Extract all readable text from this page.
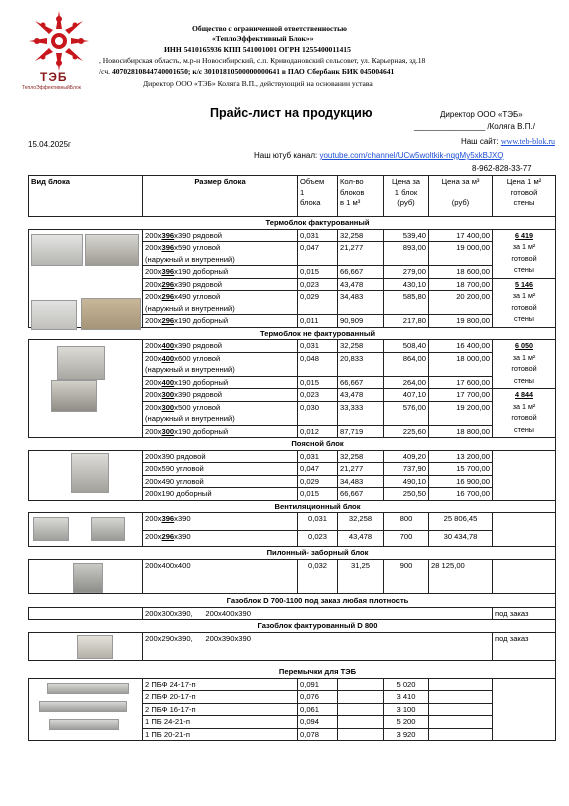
ТЭБ
ТеплоЭффективныйБлок
Общество с ограниченной ответственностью
«ТеплоЭффективный Блок»»
ИНН 5410165936 КПП 541001001 ОГРН 1255400011415
, Новосибирская область, м.р-н Новосибирский, с.п. Криводановский сельсовет, ул. Карьерная, зд.18
/сч. 40702810844740001650; к/с 30101810500000000641 в ПАО Сбербанк БИК 045004641
Директор ООО «ТЭБ» Коляга В.П., действующий на основании устава
Прайс-лист на продукцию	Директор ООО «ТЭБ»
________________ /Колягa В.П./
15.04.2025г	Наш сайт: www.teb-blok.ru
Наш ютуб канал: youtube.com/channel/UCw5woltkik-nqgMy5xkBJXQ
8-962-828-33-77
Вид блока	Размер блока	Объем
1
блока	Кол-во
блоков
в 1 м³	Цена за
1 блок
(руб)	Цена за м³

(руб)	Цена 1 м²
готовой
стены
	Термоблок фактурованный					

	200х396х390 рядовой	0,031	32,258	539,40	17 400,00	6 419
за 1 м²
готовой
стены
	200х396х590 угловой
(наружный и внутренний)	0,047	21,277	893,00	19 000,00	
	200х396х190 доборный	0,015	66,667	279,00	18 600,00	
	200х296х390 рядовой	0,023	43,478	430,10	18 700,00	5 146
за 1 м²
готовой
стены
	200х296х490 угловой
(наружный и внутренний)	0,029	34,483	585,80	20 200,00	
	200х296х190 доборный	0,011	90,909	217,80	19 800,00	
	Термоблок не фактурованный					

	200х400х390 рядовой	0,031	32,258	508,40	16 400,00	6 050
за 1 м²
готовой
стены
	200х400х600 угловой
(наружный и внутренний)	0,048	20,833	864,00	18 000,00	
	200х400х190 доборный	0,015	66,667	264,00	17 600,00	
	200х300х390 рядовой	0,023	43,478	407,10	17 700,00	4 844
за 1 м²
готовой
стены
	200х300х500 угловой
(наружный и внутренний)	0,030	33,333	576,00	19 200,00	
	200х300х190 доборный	0,012	87,719	225,60	18 800,00	
	Поясной блок					

	200х390 рядовой	0,031	32,258	409,20	13 200,00	
	200х590 угловой	0,047	21,277	737,90	15 700,00	
	200х490 угловой	0,029	34,483	490,10	16 900,00	
	200х190 доборный	0,015	66,667	250,50	16 700,00	
	Вентиляционный блок					

	200х396х390	0,031	32,258	800	25 806,45	
	200х296х390	0,023	43,478	700	30 434,78	
	Пилонный- заборный блок					

	200х400х400	0,032	31,25	900	28 125,00	
	Газоблок D 700-1100 под заказ любая плотность					
	200х300х390,      200х400х390					под заказ
	Газоблок фактурованный D 800					

	200х290х390,      200х390х390					под заказ
	Перемычки для ТЭБ					

	2 ПБФ 24-17-п	0,091		5 020		
	2 ПБФ 20-17-п	0,076		3 410		
	2 ПБФ 16-17-п	0,061		3 100		
	1 ПБ 24-21-п	0,094		5 200		
	1 ПБ 20-21-п	0,078		3 920		
